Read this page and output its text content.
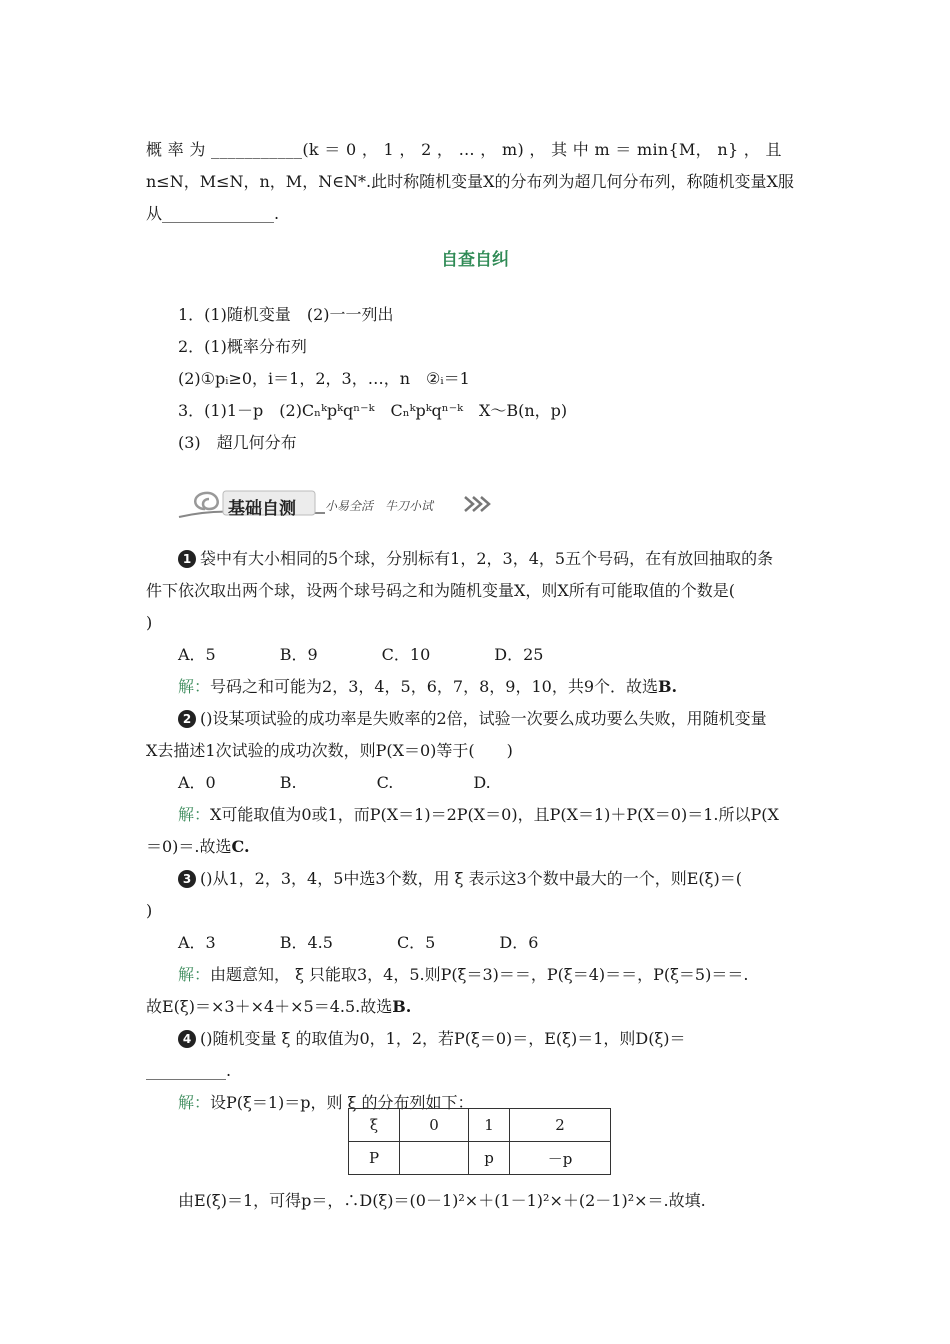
概 率 为 ___________(k ＝ 0 ， 1 ， 2 ， … ， m) ， 其 中 m ＝ min{M， n} ， 且
n≤N，M≤N，n，M，N∈N*.此时称随机变量X的分布列为超几何分布列，称随机变量X服
从______________.
自查自纠
1．(1)随机变量　(2)一一列出
2．(1)概率分布列
(2)①pᵢ≥0，i＝1，2，3，…，n　②ᵢ＝1
3．(1)1－p　(2)Cₙᵏpᵏqⁿ⁻ᵏ　Cₙᵏpᵏqⁿ⁻ᵏ　X～B(n，p)
(3)　超几何分布
基础自测 小易全活　牛刀小试
1 袋中有大小相同的5个球，分别标有1，2，3，4，5五个号码，在有放回抽取的条
件下依次取出两个球，设两个球号码之和为随机变量X，则X所有可能取值的个数是(
)
A．5　　　　B．9　　　　C．10　　　　D．25
解：号码之和可能为2，3，4，5，6，7，8，9，10，共9个．故选B.
2 ()设某项试验的成功率是失败率的2倍，试验一次要么成功要么失败，用随机变量
X去描述1次试验的成功次数，则P(X＝0)等于(　　)
A．0　　　　B.　　　　　C.　　　　　D.
解：X可能取值为0或1，而P(X＝1)＝2P(X＝0)，且P(X＝1)＋P(X＝0)＝1.所以P(X
＝0)＝.故选C.
3 ()从1，2，3，4，5中选3个数，用 ξ 表示这3个数中最大的一个，则E(ξ)＝(
)
A．3　　　　B．4.5　　　　C．5　　　　D．6
解：由题意知， ξ 只能取3，4，5.则P(ξ＝3)＝＝，P(ξ＝4)＝＝，P(ξ＝5)＝＝.
故E(ξ)＝×3＋×4＋×5＝4.5.故选B.
4 ()随机变量 ξ 的取值为0，1，2，若P(ξ＝0)＝，E(ξ)＝1，则D(ξ)＝
__________.
解：设P(ξ＝1)＝p，则 ξ 的分布列如下：
ξ	0	1	2
P		p	－p
由E(ξ)＝1，可得p＝，∴D(ξ)＝(0－1)²×＋(1－1)²×＋(2－1)²×＝.故填.
